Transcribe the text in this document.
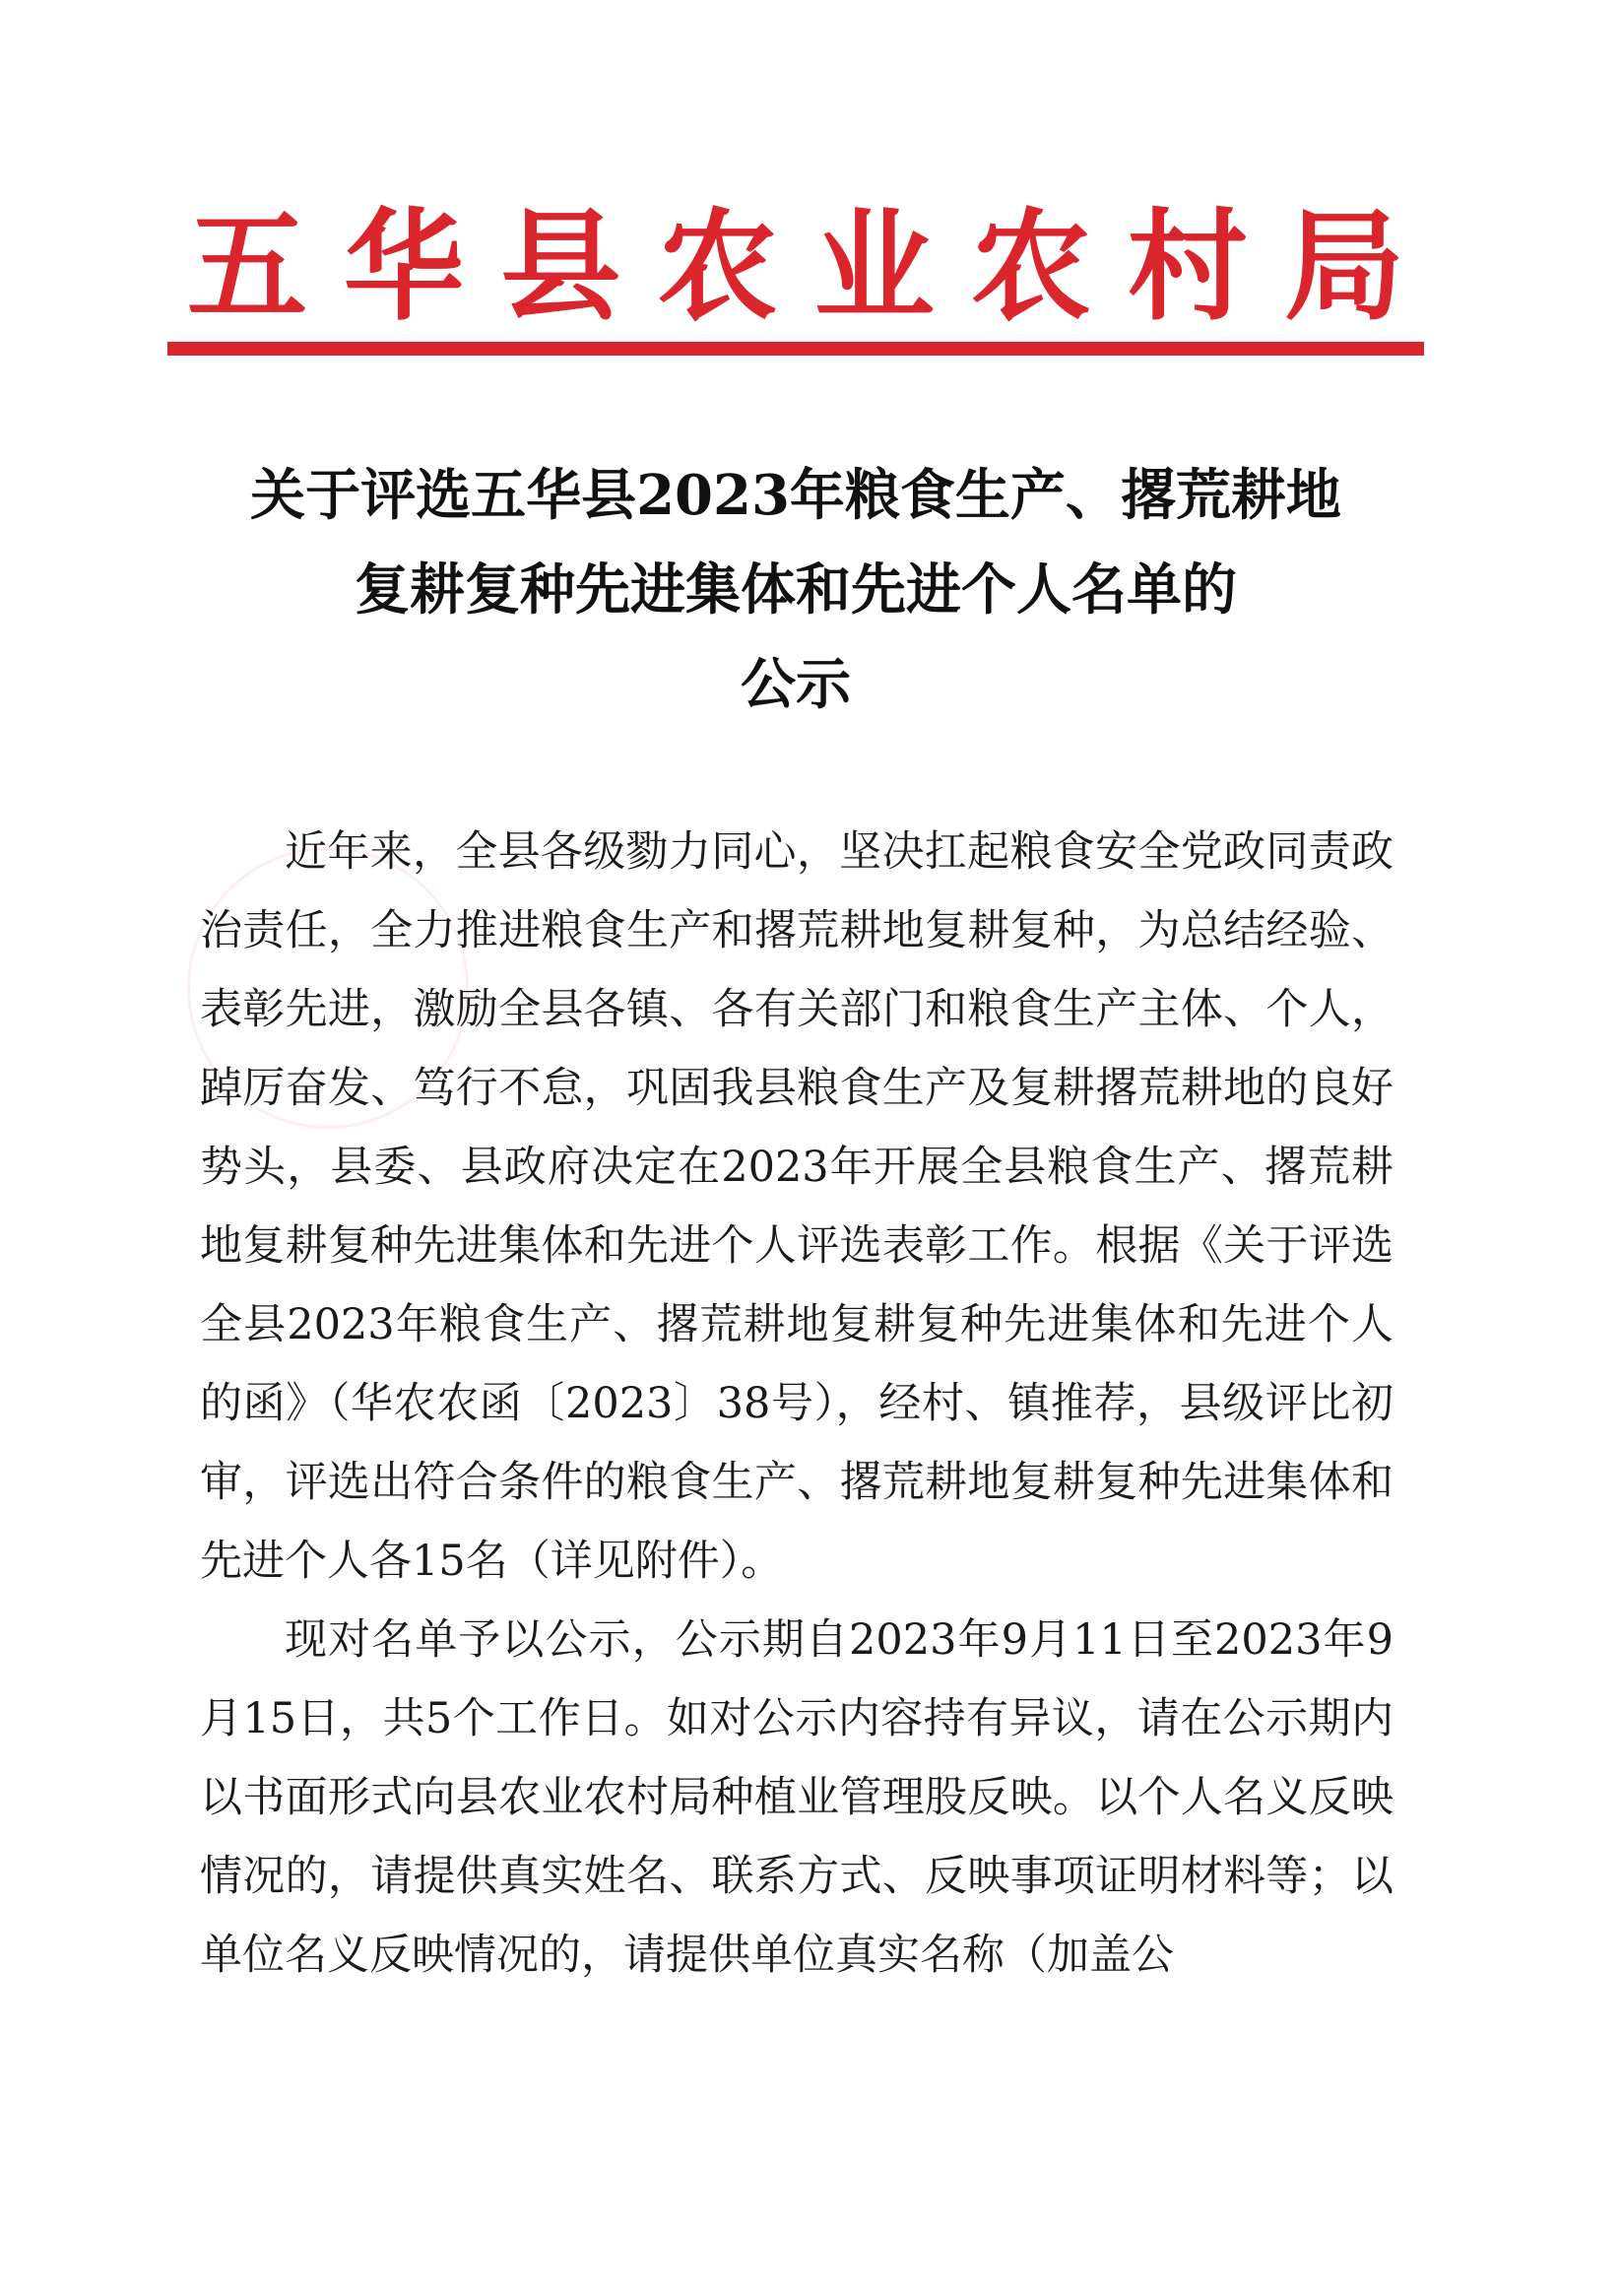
五 华 县 农 业 农 村 局
关于评选五华县2023年粮食生产、撂荒耕地
复耕复种先进集体和先进个人名单的
公示

近年来，全县各级勠力同心，坚决扛起粮食安全党政同责政治责任，全力推进粮食生产和撂荒耕地复耕复种，为总结经验、表彰先进，激励全县各镇、各有关部门和粮食生产主体、个人，踔厉奋发、笃行不怠，巩固我县粮食生产及复耕撂荒耕地的良好势头，县委、县政府决定在2023年开展全县粮食生产、撂荒耕地复耕复种先进集体和先进个人评选表彰工作。根据《关于评选全县2023年粮食生产、撂荒耕地复耕复种先进集体和先进个人的函》（华农农函〔2023〕38号），经村、镇推荐，县级评比初审，评选出符合条件的粮食生产、撂荒耕地复耕复种先进集体和先进个人各15名（详见附件）。

现对名单予以公示，公示期自2023年9月11日至2023年9月15日，共5个工作日。如对公示内容持有异议，请在公示期内以书面形式向县农业农村局种植业管理股反映。以个人名义反映情况的，请提供真实姓名、联系方式、反映事项证明材料等；以单位名义反映情况的，请提供单位真实名称（加盖公
